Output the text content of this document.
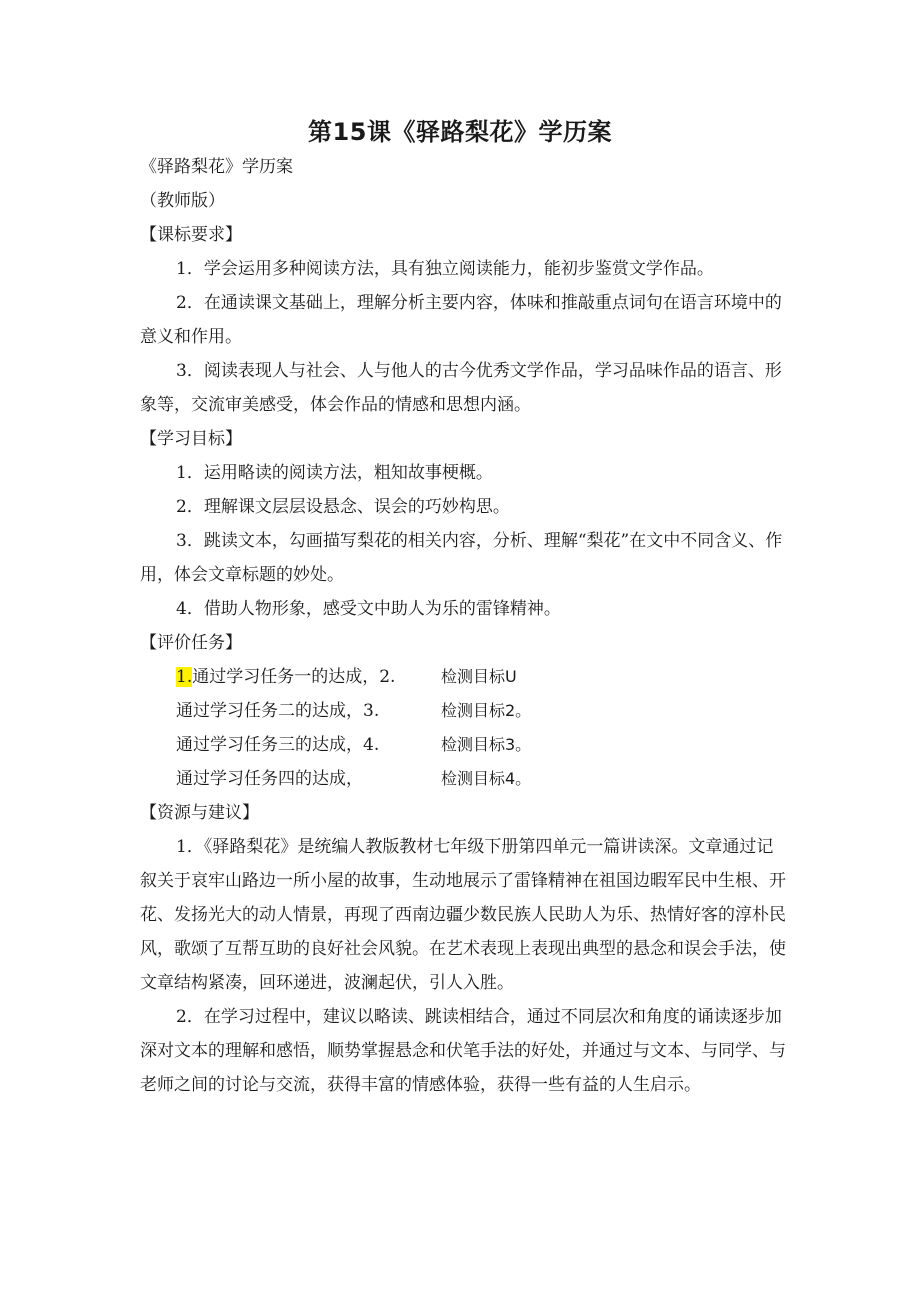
第15课《驿路梨花》学历案

《驿路梨花》学历案

（教师版）

【课标要求】

1．学会运用多种阅读方法，具有独立阅读能力，能初步鉴赏文学作品。

2．在通读课文基础上，理解分析主要内容，体味和推敲重点词句在语言环境中的意义和作用。

3．阅读表现人与社会、人与他人的古今优秀文学作品，学习品味作品的语言、形象等，交流审美感受，体会作品的情感和思想内涵。

【学习目标】

1．运用略读的阅读方法，粗知故事梗概。

2．理解课文层层设悬念、误会的巧妙构思。

3．跳读文本，勾画描写梨花的相关内容，分析、理解“梨花”在文中不同含义、作用，体会文章标题的妙处。

4．借助人物形象，感受文中助人为乐的雷锋精神。

【评价任务】

1.通过学习任务一的达成，2.	检测目标U
通过学习任务二的达成，3.	检测目标2。
通过学习任务三的达成，4.	检测目标3。
通过学习任务四的达成，	检测目标4。

【资源与建议】

1．《驿路梨花》是统编人教版教材七年级下册第四单元一篇讲读深。文章通过记叙关于哀牢山路边一所小屋的故事，生动地展示了雷锋精神在祖国边暇军民中生根、开花、发扬光大的动人情景，再现了西南边疆少数民族人民助人为乐、热情好客的淳朴民风，歌颂了互帮互助的良好社会风貌。在艺术表现上表现出典型的悬念和误会手法，使文章结构紧凑，回环递进，波澜起伏，引人入胜。

2．在学习过程中，建议以略读、跳读相结合，通过不同层次和角度的诵读逐步加深对文本的理解和感悟，顺势掌握悬念和伏笔手法的好处，并通过与文本、与同学、与老师之间的讨论与交流，获得丰富的情感体验，获得一些有益的人生启示。
